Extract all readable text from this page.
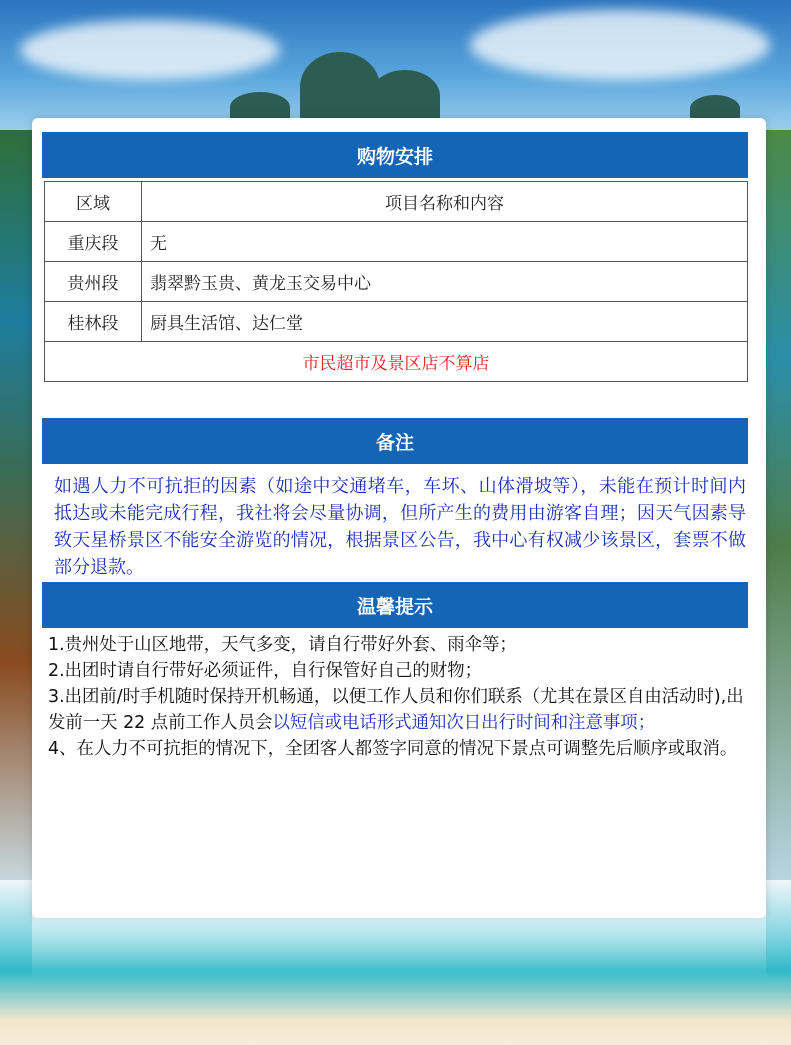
购物安排
区域	项目名称和内容
重庆段	无
贵州段	翡翠黔玉贵、黄龙玉交易中心
桂林段	厨具生活馆、达仁堂
市民超市及景区店不算店	
备注
如遇人力不可抗拒的因素（如途中交通堵车，车坏、山体滑坡等），未能在预计时间内抵达或未能完成行程，我社将会尽量协调，但所产生的费用由游客自理；因天气因素导致天星桥景区不能安全游览的情况，根据景区公告，我中心有权减少该景区，套票不做部分退款。
温馨提示

1.贵州处于山区地带，天气多变，请自行带好外套、雨伞等；

2.出团时请自行带好必须证件，自行保管好自己的财物；

3.出团前/时手机随时保持开机畅通，以便工作人员和你们联系（尤其在景区自由活动时),出发前一天 22 点前工作人员会以短信或电话形式通知次日出行时间和注意事项；

4、在人力不可抗拒的情况下，全团客人都签字同意的情况下景点可调整先后顺序或取消。
